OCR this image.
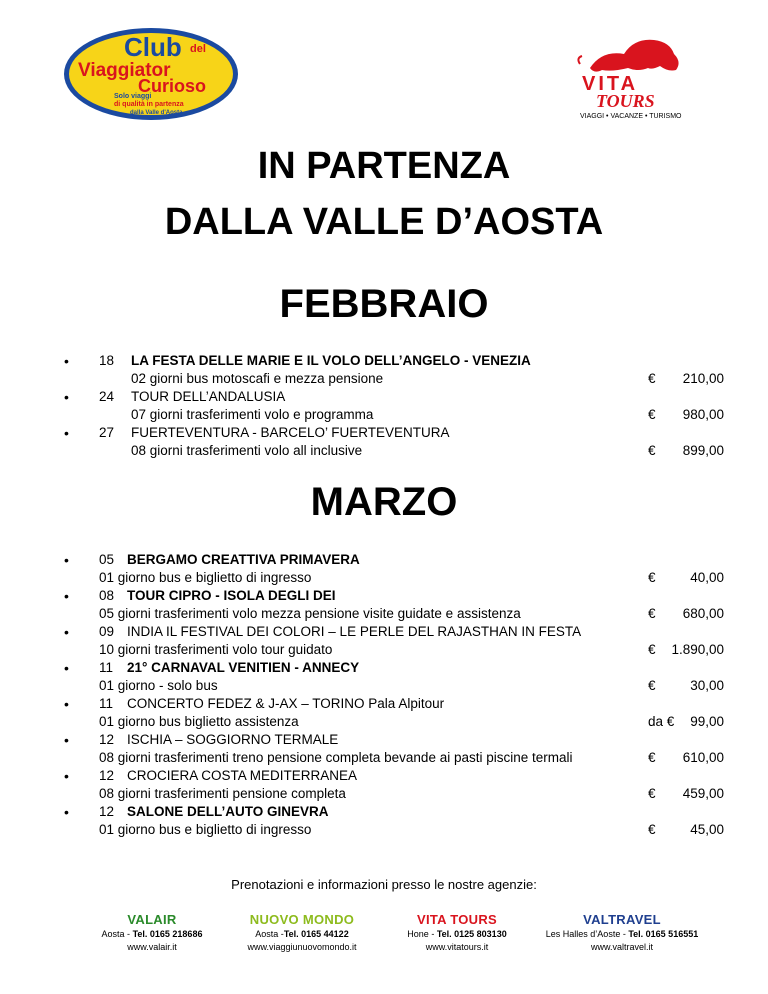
Club del
Viaggiator
Curioso
Solo viaggi
di qualità in partenza
dalla Valle d'Aosta
VITA
TOURS
VIAGGI • VACANZE • TURISMO
IN PARTENZA
DALLA VALLE D’AOSTA
FEBBRAIO
• 18 LA FESTA DELLE MARIE E IL VOLO DELL’ANGELO - VENEZIA
02 giorni bus motoscafi e mezza pensione	€ 210,00
• 24 TOUR DELL’ANDALUSIA
07 giorni trasferimenti volo e programma	€ 980,00
• 27 FUERTEVENTURA - BARCELO’ FUERTEVENTURA
08 giorni trasferimenti volo all inclusive	€ 899,00
MARZO
• 05 BERGAMO CREATTIVA PRIMAVERA
01 giorno bus e biglietto di ingresso	€	40,00
• 08 TOUR CIPRO - ISOLA DEGLI DEI
05 giorni trasferimenti volo mezza pensione visite guidate e assistenza	€ 680,00
• 09 INDIA IL FESTIVAL DEI COLORI – LE PERLE DEL RAJASTHAN IN FESTA
10 giorni trasferimenti volo tour guidato	€ 1.890,00
• 11 21° CARNAVAL VENITIEN - ANNECY
01 giorno - solo bus	€	30,00
• 11 CONCERTO FEDEZ & J-AX – TORINO Pala Alpitour
01 giorno bus biglietto assistenza	da € 99,00
• 12 ISCHIA – SOGGIORNO TERMALE
08 giorni trasferimenti treno pensione completa bevande ai pasti piscine termali	€ 610,00
• 12 CROCIERA COSTA MEDITERRANEA
08 giorni trasferimenti pensione completa	€ 459,00
• 12 SALONE DELL’AUTO GINEVRA
01 giorno bus e biglietto di ingresso	€	45,00
Prenotazioni e informazioni presso le nostre agenzie:
VALAIR
Aosta - Tel. 0165 218686
www.valair.it
NUOVO MONDO
Aosta -Tel. 0165 44122
www.viaggiunuovomondo.it
VITA TOURS
Hone - Tel. 0125 803130
www.vitatours.it
VALTRAVEL
Les Halles d’Aoste - Tel. 0165 516551
www.valtravel.it
